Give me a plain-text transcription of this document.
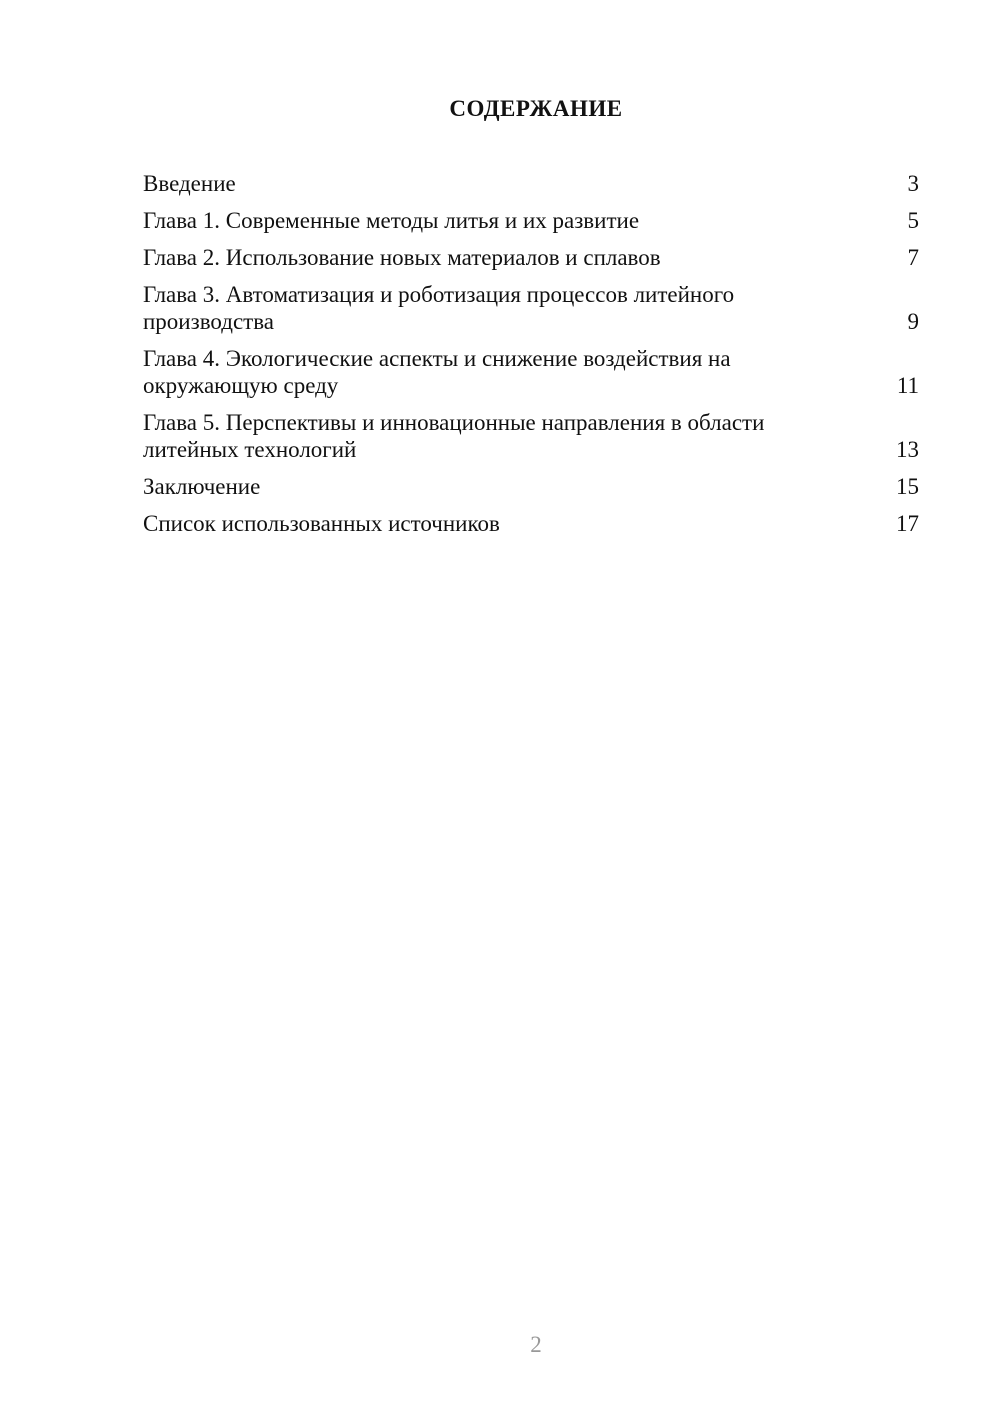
СОДЕРЖАНИЕ
Введение	3
Глава 1. Современные методы литья и их развитие	5
Глава 2. Использование новых материалов и сплавов	7
Глава 3. Автоматизация и роботизация процессов литейного производства	9
Глава 4. Экологические аспекты и снижение воздействия на окружающую среду	11
Глава 5. Перспективы и инновационные направления в области литейных технологий	13
Заключение	15
Список использованных источников	17
2
